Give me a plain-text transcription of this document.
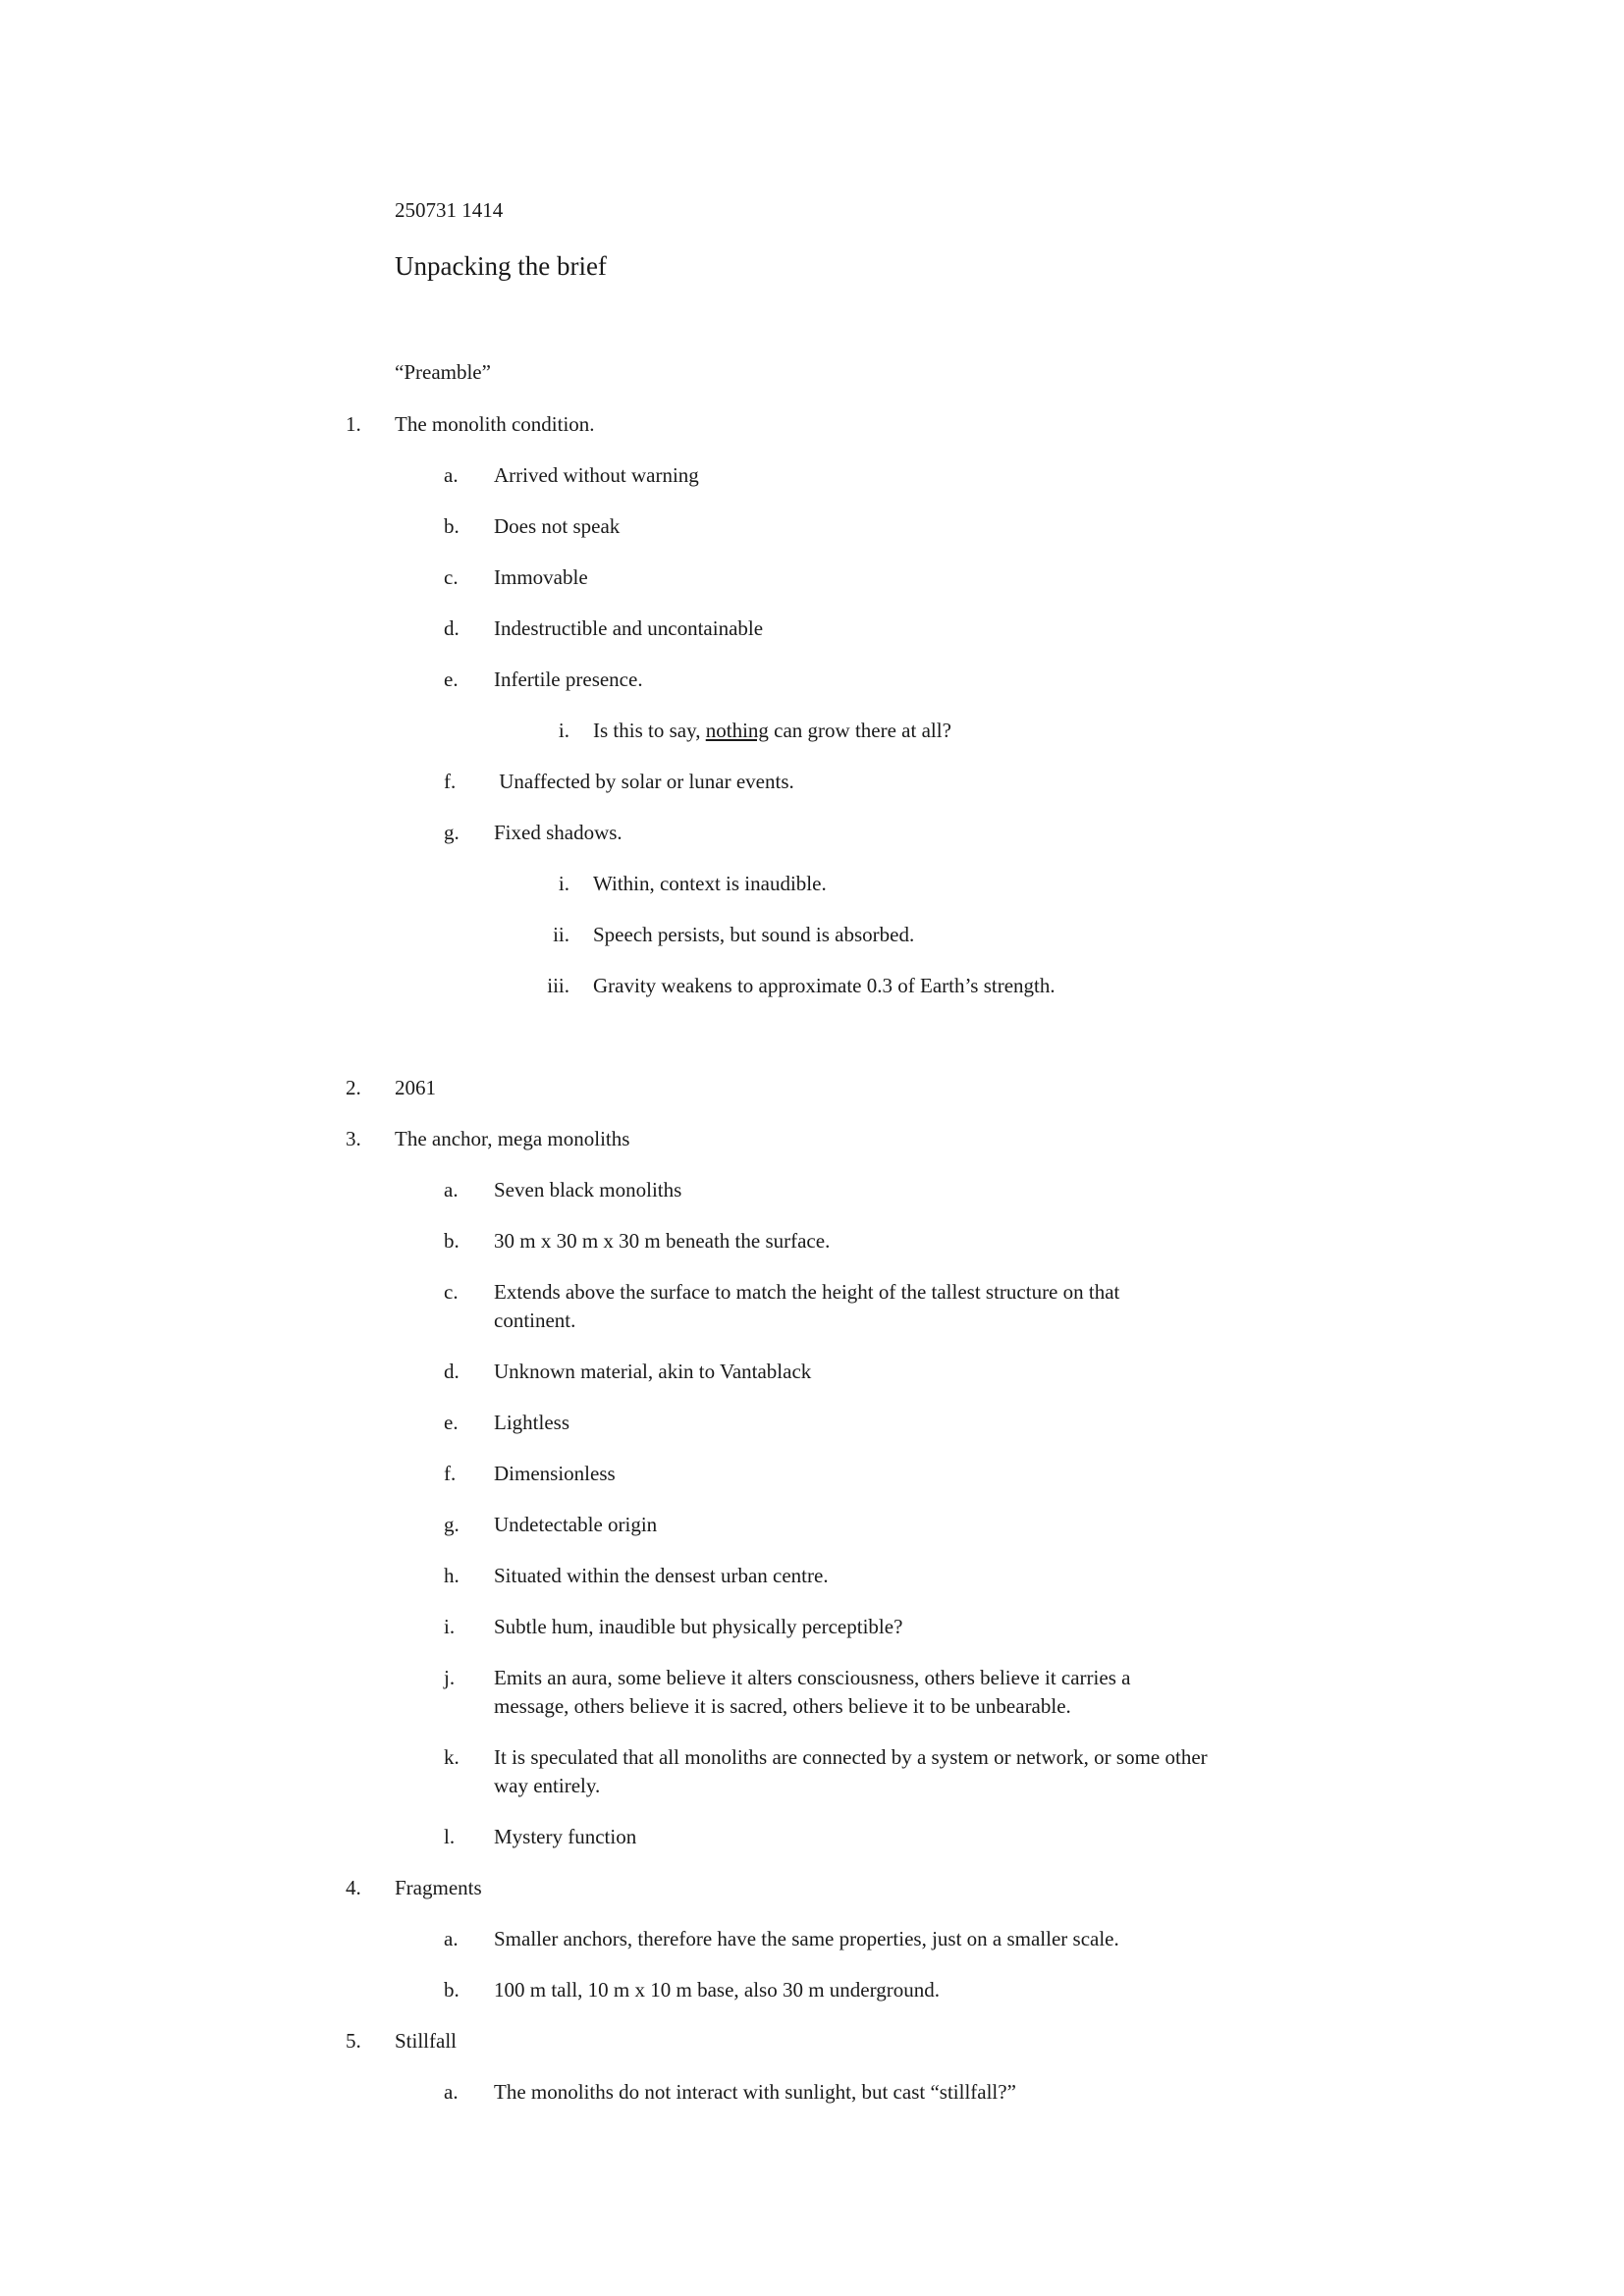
250731 1414
Unpacking the brief
“Preamble”
1. The monolith condition.
a. Arrived without warning
b. Does not speak
c. Immovable
d. Indestructible and uncontainable
e. Infertile presence.
i. Is this to say, nothing can grow there at all?
f. Unaffected by solar or lunar events.
g. Fixed shadows.
i. Within, context is inaudible.
ii. Speech persists, but sound is absorbed.
iii. Gravity weakens to approximate 0.3 of Earth’s strength.
2. 2061
3. The anchor, mega monoliths
a. Seven black monoliths
b. 30 m x 30 m x 30 m beneath the surface.
c. Extends above the surface to match the height of the tallest structure on that continent.
d. Unknown material, akin to Vantablack
e. Lightless
f. Dimensionless
g. Undetectable origin
h. Situated within the densest urban centre.
i. Subtle hum, inaudible but physically perceptible?
j. Emits an aura, some believe it alters consciousness, others believe it carries a message, others believe it is sacred, others believe it to be unbearable.
k. It is speculated that all monoliths are connected by a system or network, or some other way entirely.
l. Mystery function
4. Fragments
a. Smaller anchors, therefore have the same properties, just on a smaller scale.
b. 100 m tall, 10 m x 10 m base, also 30 m underground.
5. Stillfall
a. The monoliths do not interact with sunlight, but cast “stillfall?”
